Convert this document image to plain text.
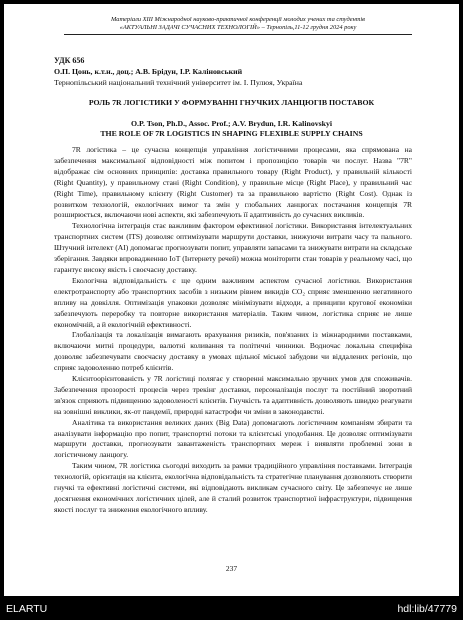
Матеріали XIII Міжнародної науково-практичної конференції молодих учених та студентів
«АКТУАЛЬНІ ЗАДАЧІ СУЧАСНИХ ТЕХНОЛОГІЙ» – Тернопіль,11-12 грудня 2024 року
УДК 656
О.П. Цонь, к.т.н., доц.; А.В. Брідун, І.Р. Каліновський
Тернопільський національний технічний університет ім. І. Пулюя, Україна
РОЛЬ 7R ЛОГІСТИКИ У ФОРМУВАННІ ГНУЧКИХ ЛАНЦЮГІВ ПОСТАВОК
O.P. Tson, Ph.D., Assoc. Prof.; A.V. Brydun, I.R. Kalinovskyi
THE ROLE OF 7R LOGISTICS IN SHAPING FLEXIBLE SUPPLY CHAINS

7R логістика – це сучасна концепція управління логістичними процесами, яка спрямована на забезпечення максимальної відповідності між попитом і пропозицією товарів чи послуг. Назва "7R" відображає сім основних принципів: доставка правильного товару (Right Product), у правильній кількості (Right Quantity), у правильному стані (Right Condition), у правильне місце (Right Place), у правильний час (Right Time), правильному клієнту (Right Customer) та за правильною вартістю (Right Cost). Однак із розвитком технологій, екологічних вимог та змін у глобальних ланцюгах постачання концепція 7R розширюється, включаючи нові аспекти, які забезпечують її адаптивність до сучасних викликів.

Технологічна інтеграція стає важливим фактором ефективної логістики. Використання інтелектуальних транспортних систем (ITS) дозволяє оптимізувати маршрути доставки, знижуючи витрати часу та пального. Штучний інтелект (AI) допомагає прогнозувати попит, управляти запасами та знижувати витрати на складське зберігання. Завдяки впровадженню IoT (Інтернету речей) можна моніторити стан товарів у реальному часі, що гарантує високу якість і своєчасну доставку.

Екологічна відповідальність є ще одним важливим аспектом сучасної логістики. Використання електротранспорту або транспортних засобів з низьким рівнем викидів CO₂ сприяє зменшенню негативного впливу на довкілля. Оптимізація упаковки дозволяє мінімізувати відходи, а принципи кругової економіки забезпечують переробку та повторне використання матеріалів. Таким чином, логістика сприяє не лише економічній, а й екологічній ефективності.

Глобалізація та локалізація вимагають врахування ризиків, пов'язаних із міжнародними поставками, включаючи митні процедури, валютні коливання та політичні чинники. Водночас локальна специфіка дозволяє забезпечувати своєчасну доставку в умовах щільної міської забудови чи віддалених регіонів, що сприяє задоволенню потреб клієнтів.

Клієнтоорієнтованість у 7R логістиці полягає у створенні максимально зручних умов для споживачів. Забезпечення прозорості процесів через трекінг доставки, персоналізація послуг та постійний зворотний зв'язок сприяють підвищенню задоволеності клієнтів. Гнучкість та адаптивність дозволяють швидко реагувати на зовнішні виклики, як-от пандемії, природні катастрофи чи зміни в законодавстві.

Аналітика та використання великих даних (Big Data) допомагають логістичним компаніям збирати та аналізувати інформацію про попит, транспортні потоки та клієнтські уподобання. Це дозволяє оптимізувати маршрути доставки, прогнозувати завантаженість транспортних мереж і виявляти проблемні зони в логістичному ланцюгу.

Таким чином, 7R логістика сьогодні виходить за рамки традиційного управління поставками. Інтеграція технологій, орієнтація на клієнта, екологічна відповідальність та стратегічне планування дозволяють створити гнучкі та ефективні логістичні системи, які відповідають викликам сучасного світу. Це забезпечує не лише досягнення економічних логістичних цілей, але й сталий розвиток транспортної інфраструктури, підвищення якості послуг та зниження екологічного впливу.

237
ELARTU	hdl:lib/47779
